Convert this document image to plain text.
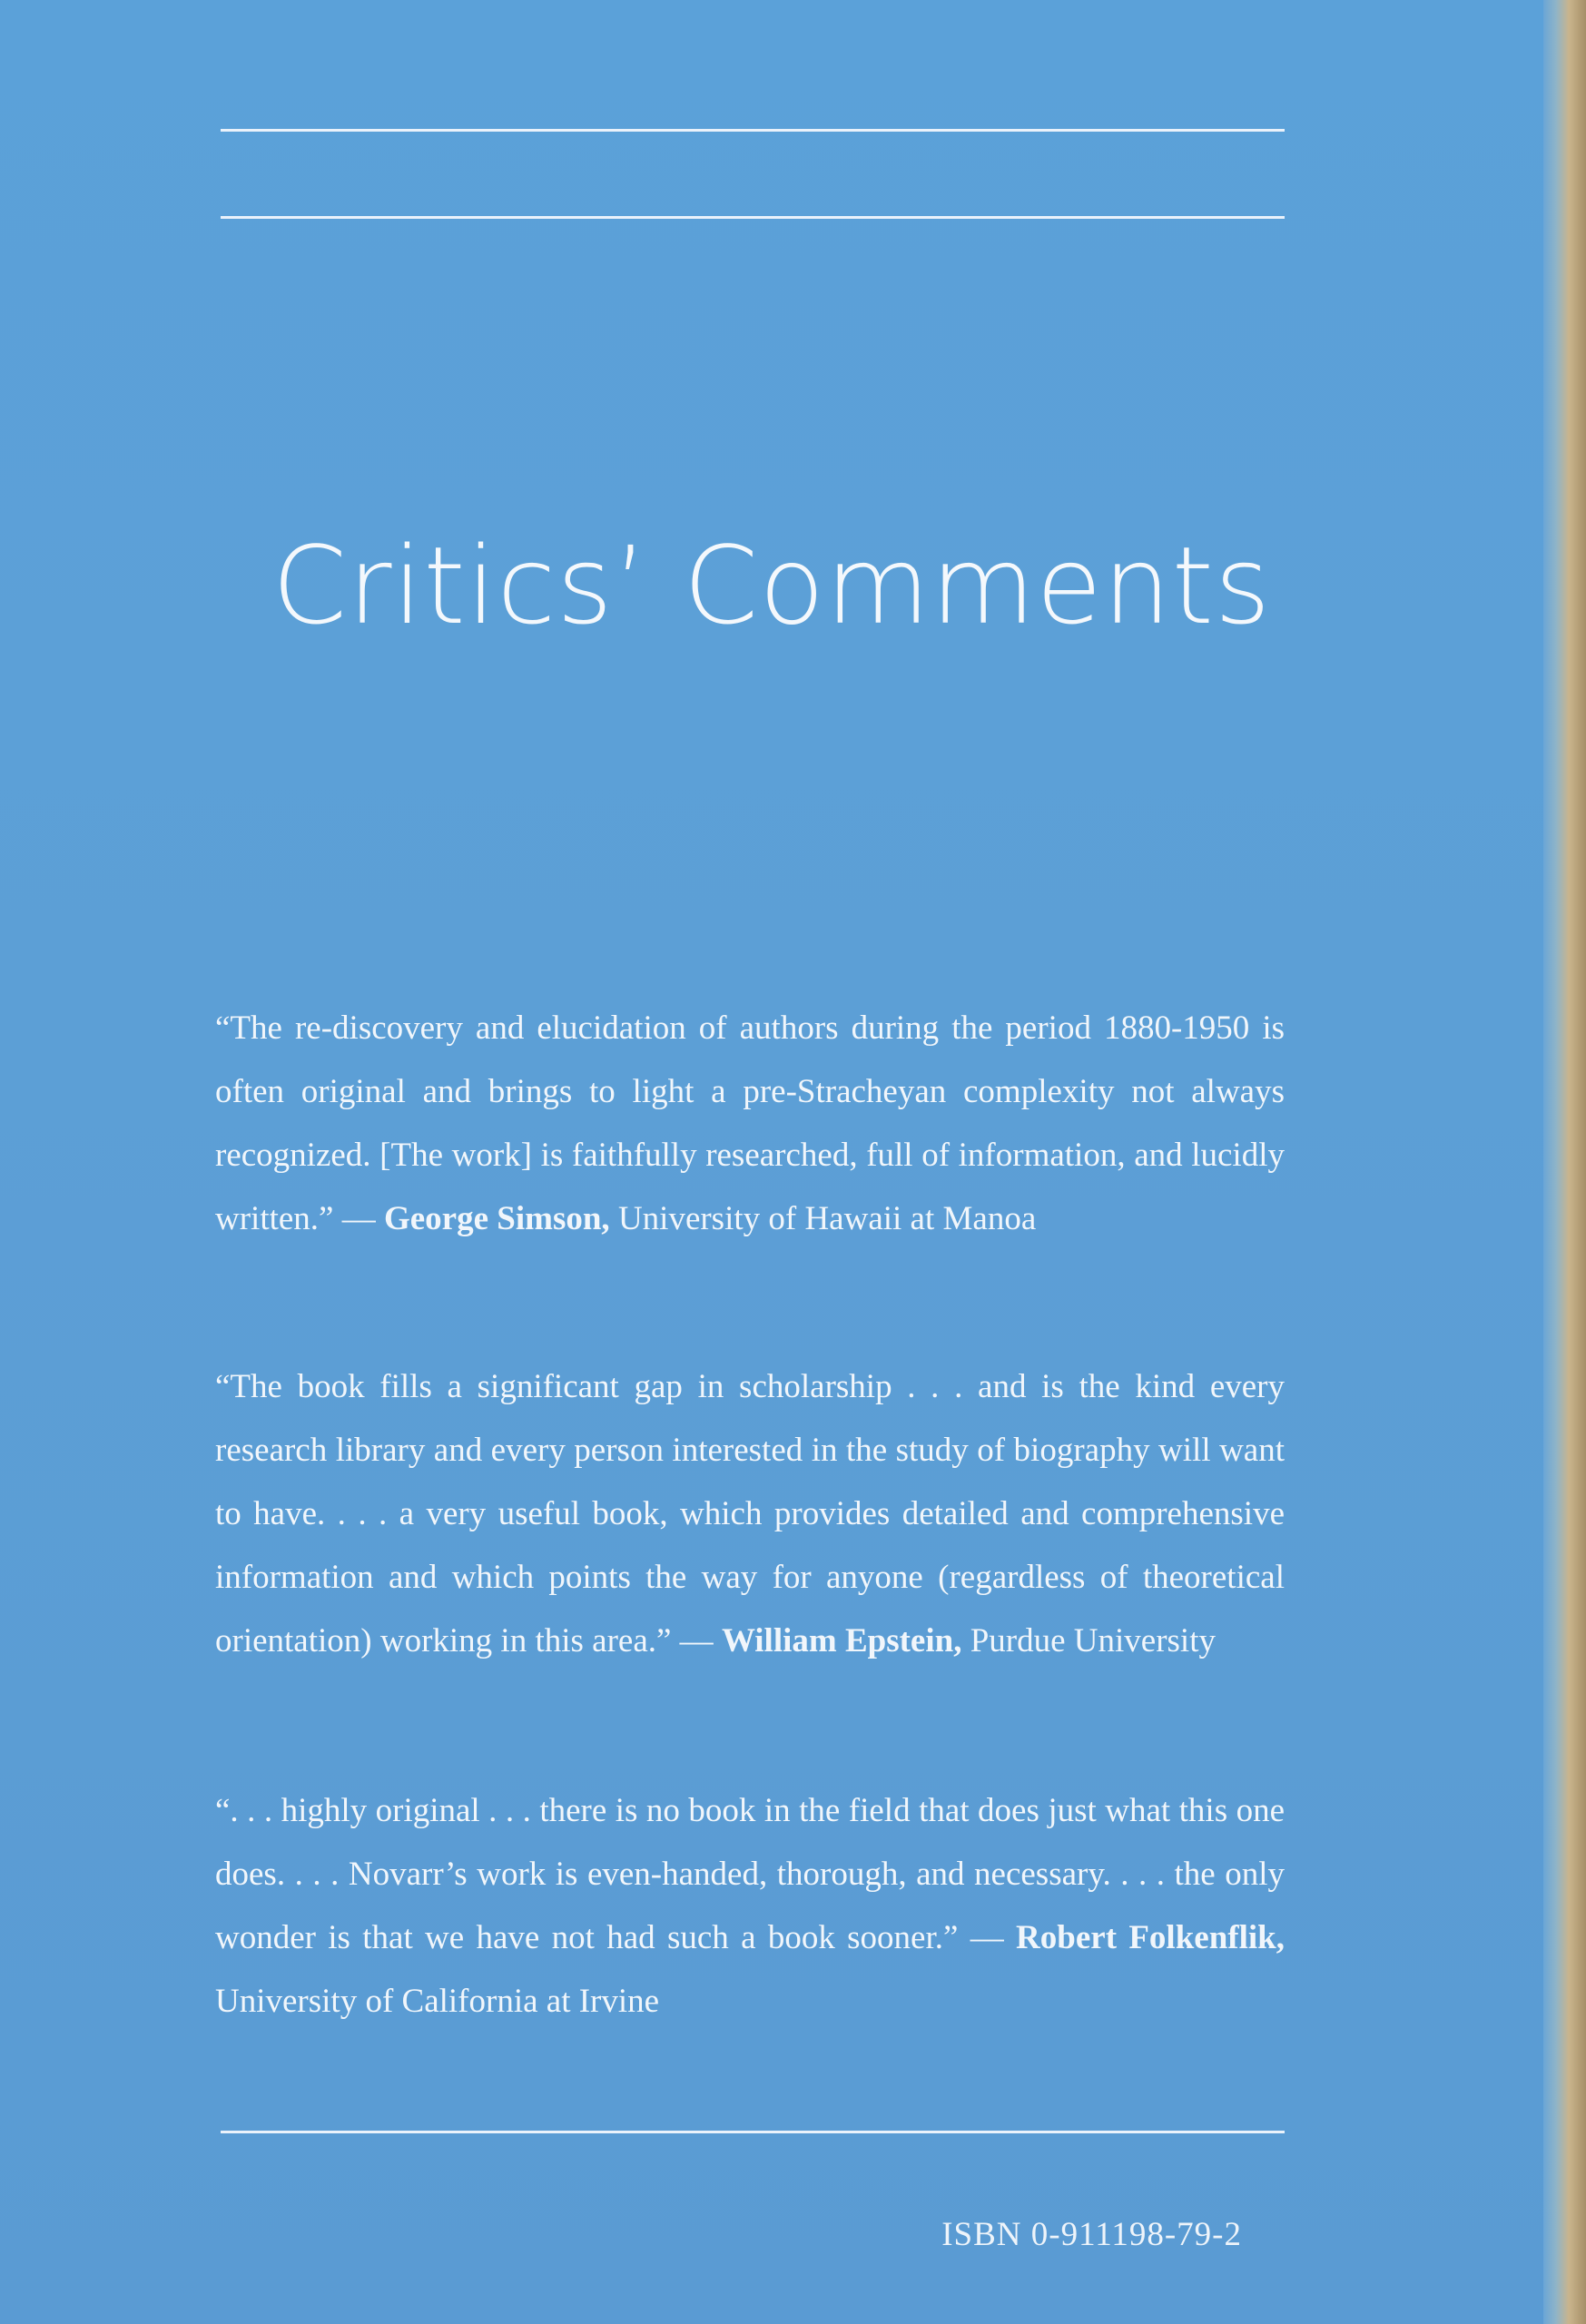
Critics’ Comments

“The re-discovery and elucidation of authors during the period 1880-1950 is often original and brings to light a pre-Stracheyan complexity not always recognized. [The work] is faithfully researched, full of information, and lucidly written.” — George Simson, University of Hawaii at Manoa

“The book fills a significant gap in scholarship . . . and is the kind every research library and every person interested in the study of biography will want to have. . . . a very useful book, which provides detailed and comprehensive information and which points the way for anyone (regardless of theoretical orientation) working in this area.” — William Epstein, Purdue University

“. . . highly original . . . there is no book in the field that does just what this one does. . . . Novarr’s work is even-handed, thorough, and necessary. . . . the only wonder is that we have not had such a book sooner.” — Robert Folkenflik, University of California at Irvine

ISBN 0-911198-79-2
